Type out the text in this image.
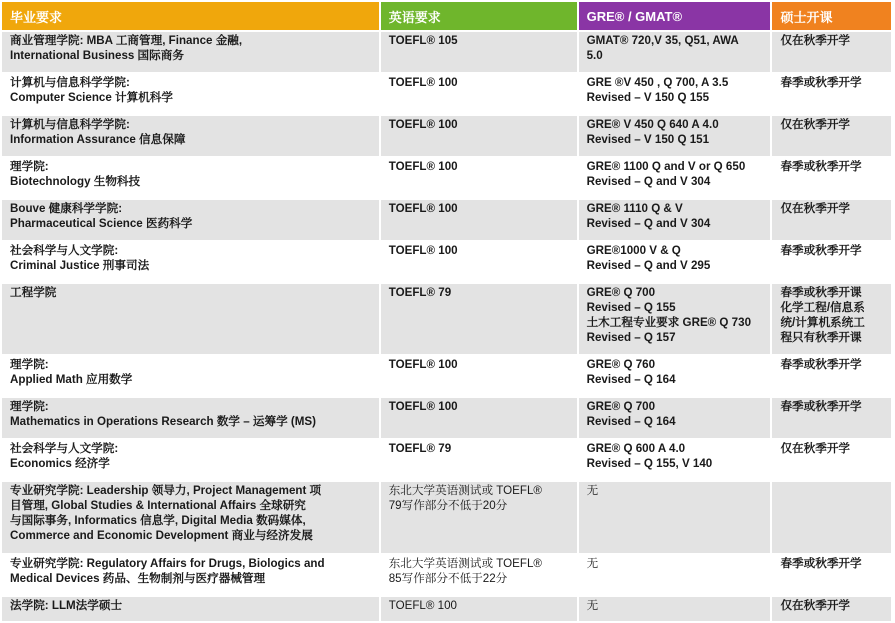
毕业要求	英语要求	GRE® / GMAT®	硕士开课

商业管理学院: MBA 工商管理, Finance 金融,
International Business 国际商务	TOEFL® 105	GMAT® 720,V 35, Q51, AWA
5.0	仅在秋季开学

计算机与信息科学学院:
Computer Science 计算机科学	TOEFL® 100	GRE ®V 450 , Q 700, A 3.5
Revised – V 150 Q 155	春季或秋季开学

计算机与信息科学学院:
Information Assurance 信息保障	TOEFL® 100	GRE® V 450 Q 640 A 4.0
Revised – V 150 Q 151	仅在秋季开学

理学院:
Biotechnology 生物科技	TOEFL® 100	GRE® 1100 Q and V or Q 650
Revised – Q and V 304	春季或秋季开学

Bouve 健康科学学院:
Pharmaceutical Science 医药科学	TOEFL® 100	GRE® 1110 Q & V
Revised – Q and V 304	仅在秋季开学

社会科学与人文学院:
Criminal Justice 刑事司法	TOEFL® 100	GRE®1000 V & Q
Revised – Q and V 295	春季或秋季开学

工程学院	TOEFL® 79	GRE® Q 700
Revised – Q 155
土木工程专业要求 GRE® Q 730
Revised – Q 157	春季或秋季开课
化学工程/信息系
统/计算机系统工
程只有秋季开课

理学院:
Applied Math 应用数学	TOEFL® 100	GRE® Q 760
Revised – Q 164	春季或秋季开学

理学院:
Mathematics in Operations Research 数学 – 运筹学 (MS)	TOEFL® 100	GRE® Q 700
Revised – Q 164	春季或秋季开学

社会科学与人文学院:
Economics 经济学	TOEFL® 79	GRE® Q 600 A 4.0
Revised – Q 155, V 140	仅在秋季开学

专业研究学院: Leadership 领导力, Project Management 项
目管理, Global Studies & International Affairs 全球研究
与国际事务, Informatics 信息学, Digital Media 数码媒体,
Commerce and Economic Development 商业与经济发展	东北大学英语测试或 TOEFL®
79写作部分不低于20分	无	

专业研究学院: Regulatory Affairs for Drugs, Biologics and
Medical Devices 药品、生物制剂与医疗器械管理	东北大学英语测试或 TOEFL®
85写作部分不低于22分	无	春季或秋季开学

法学院: LLM法学硕士	TOEFL® 100	无	仅在秋季开学
